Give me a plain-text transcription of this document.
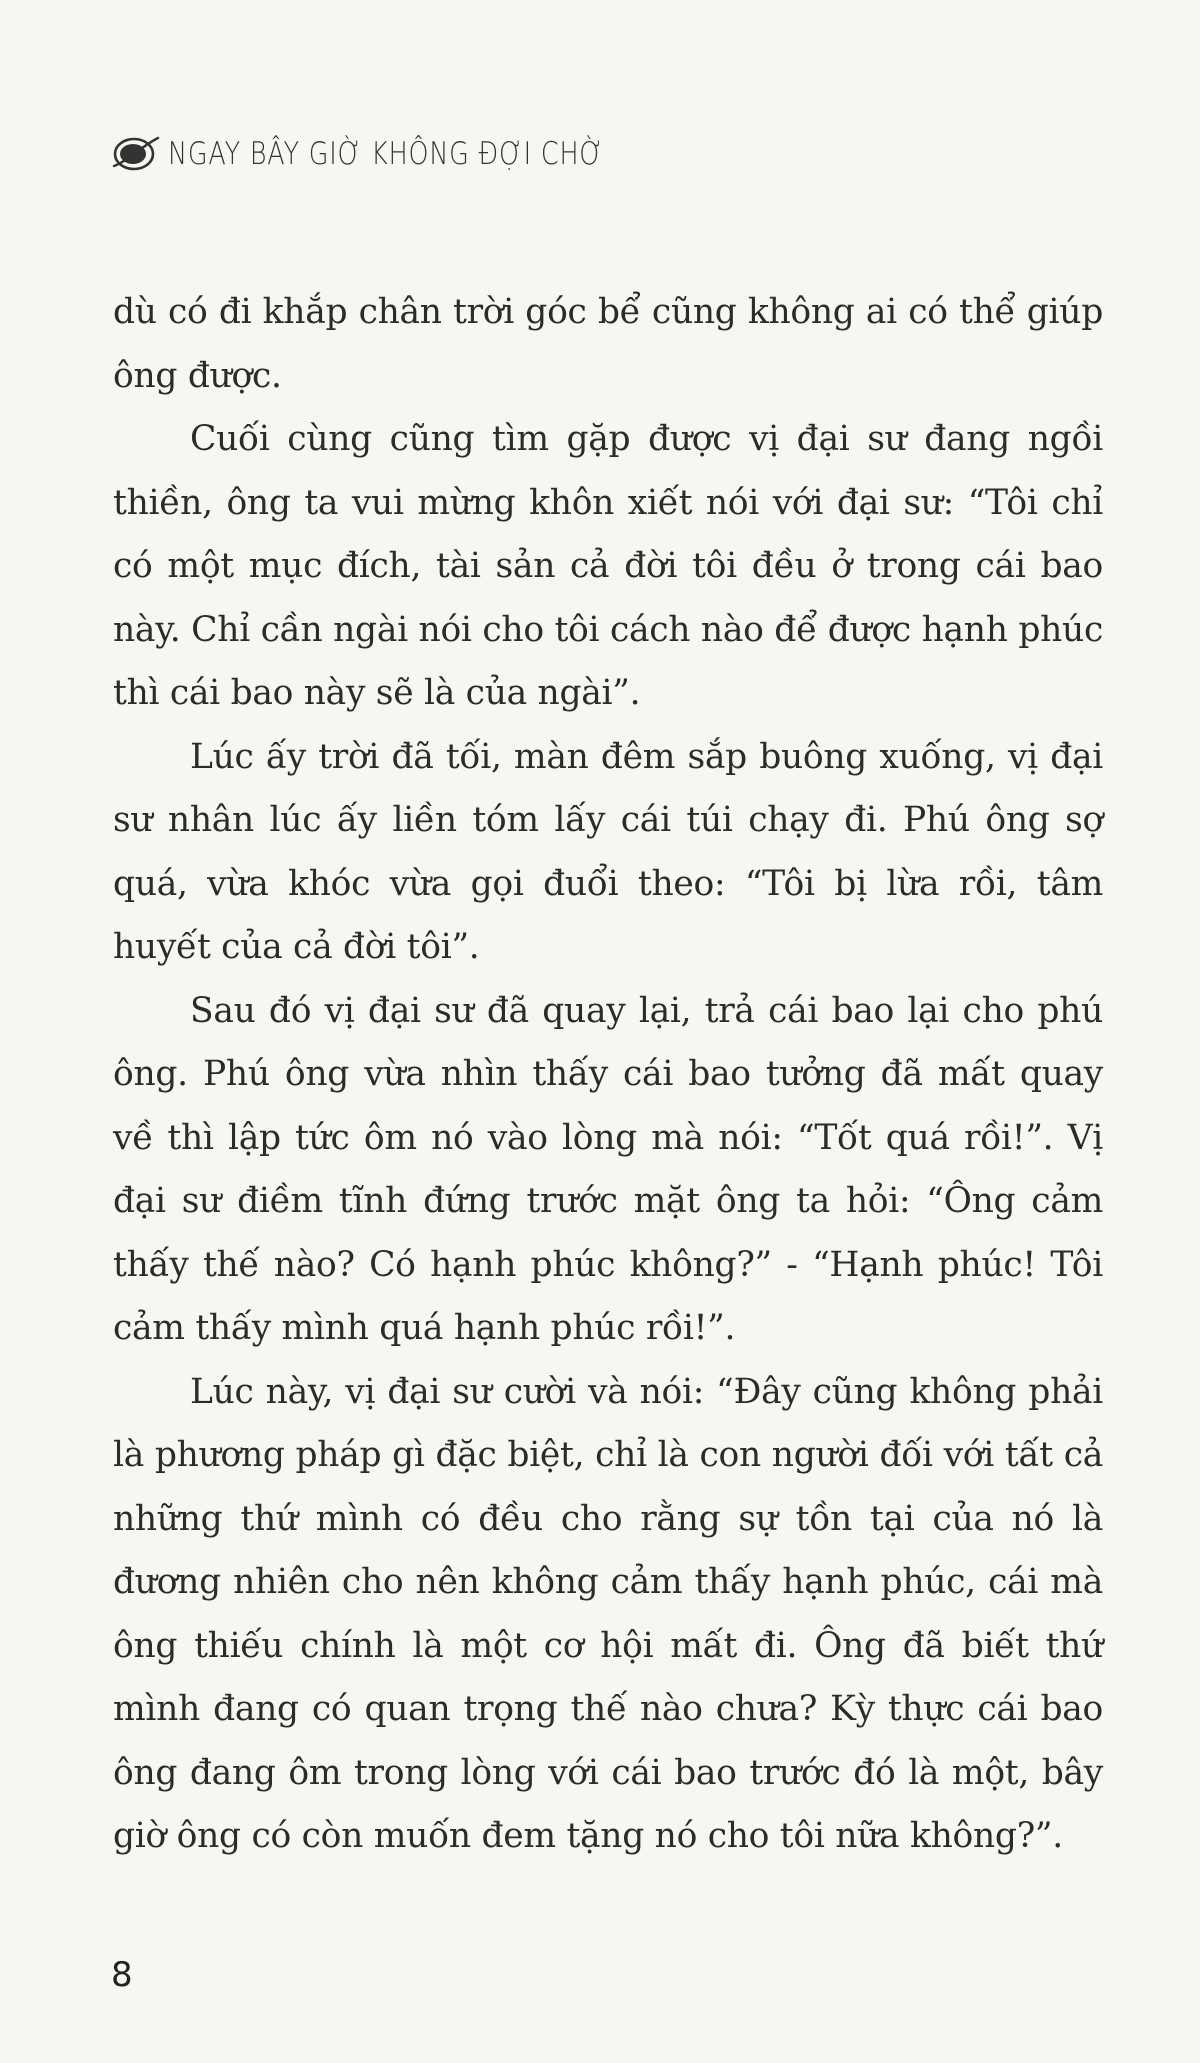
NGAY BÂY GIỜ KHÔNG ĐỢI CHỜ

dù có đi khắp chân trời góc bể cũng không ai có thể giúp ông được.

Cuối cùng cũng tìm gặp được vị đại sư đang ngồi thiền, ông ta vui mừng khôn xiết nói với đại sư: “Tôi chỉ có một mục đích, tài sản cả đời tôi đều ở trong cái bao này. Chỉ cần ngài nói cho tôi cách nào để được hạnh phúc thì cái bao này sẽ là của ngài”.

Lúc ấy trời đã tối, màn đêm sắp buông xuống, vị đại sư nhân lúc ấy liền tóm lấy cái túi chạy đi. Phú ông sợ quá, vừa khóc vừa gọi đuổi theo: “Tôi bị lừa rồi, tâm huyết của cả đời tôi”.

Sau đó vị đại sư đã quay lại, trả cái bao lại cho phú ông. Phú ông vừa nhìn thấy cái bao tưởng đã mất quay về thì lập tức ôm nó vào lòng mà nói: “Tốt quá rồi!”. Vị đại sư điềm tĩnh đứng trước mặt ông ta hỏi: “Ông cảm thấy thế nào? Có hạnh phúc không?” - “Hạnh phúc! Tôi cảm thấy mình quá hạnh phúc rồi!”.

Lúc này, vị đại sư cười và nói: “Đây cũng không phải là phương pháp gì đặc biệt, chỉ là con người đối với tất cả những thứ mình có đều cho rằng sự tồn tại của nó là đương nhiên cho nên không cảm thấy hạnh phúc, cái mà ông thiếu chính là một cơ hội mất đi. Ông đã biết thứ mình đang có quan trọng thế nào chưa? Kỳ thực cái bao ông đang ôm trong lòng với cái bao trước đó là một, bây giờ ông có còn muốn đem tặng nó cho tôi nữa không?”.

8
